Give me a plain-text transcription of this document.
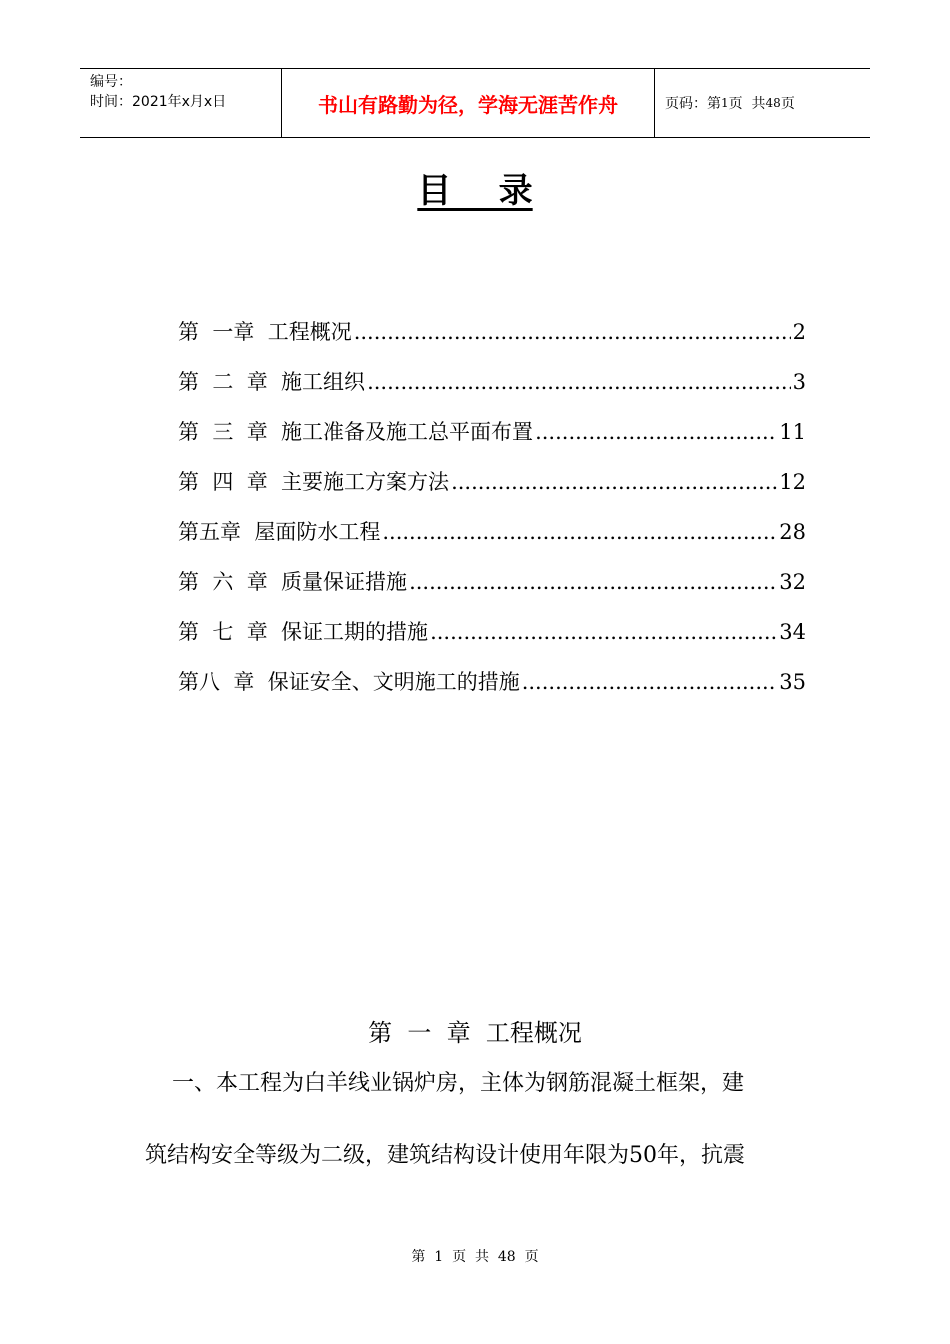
编号：
时间：2021年x月x日	书山有路勤为径，学海无涯苦作舟	页码：第 1 页  共 48 页
目    录
第  一章  工程概况 .....	2
第  二  章  施工组织 .....	3
第  三  章  施工准备及施工总平面布置 .....	11
第  四  章  主要施工方案方法 .....	12
第五章  屋面防水工程 .....	28
第  六  章  质量保证措施 .....	32
第  七  章  保证工期的措施 .....	34
第八  章  保证安全、文明施工的措施 .....	35
第  一  章  工程概况
一、本工程为白羊线业锅炉房，主体为钢筋混凝土框架，建
筑结构安全等级为二级，建筑结构设计使用年限为50年，抗震
第  1  页  共  48  页
